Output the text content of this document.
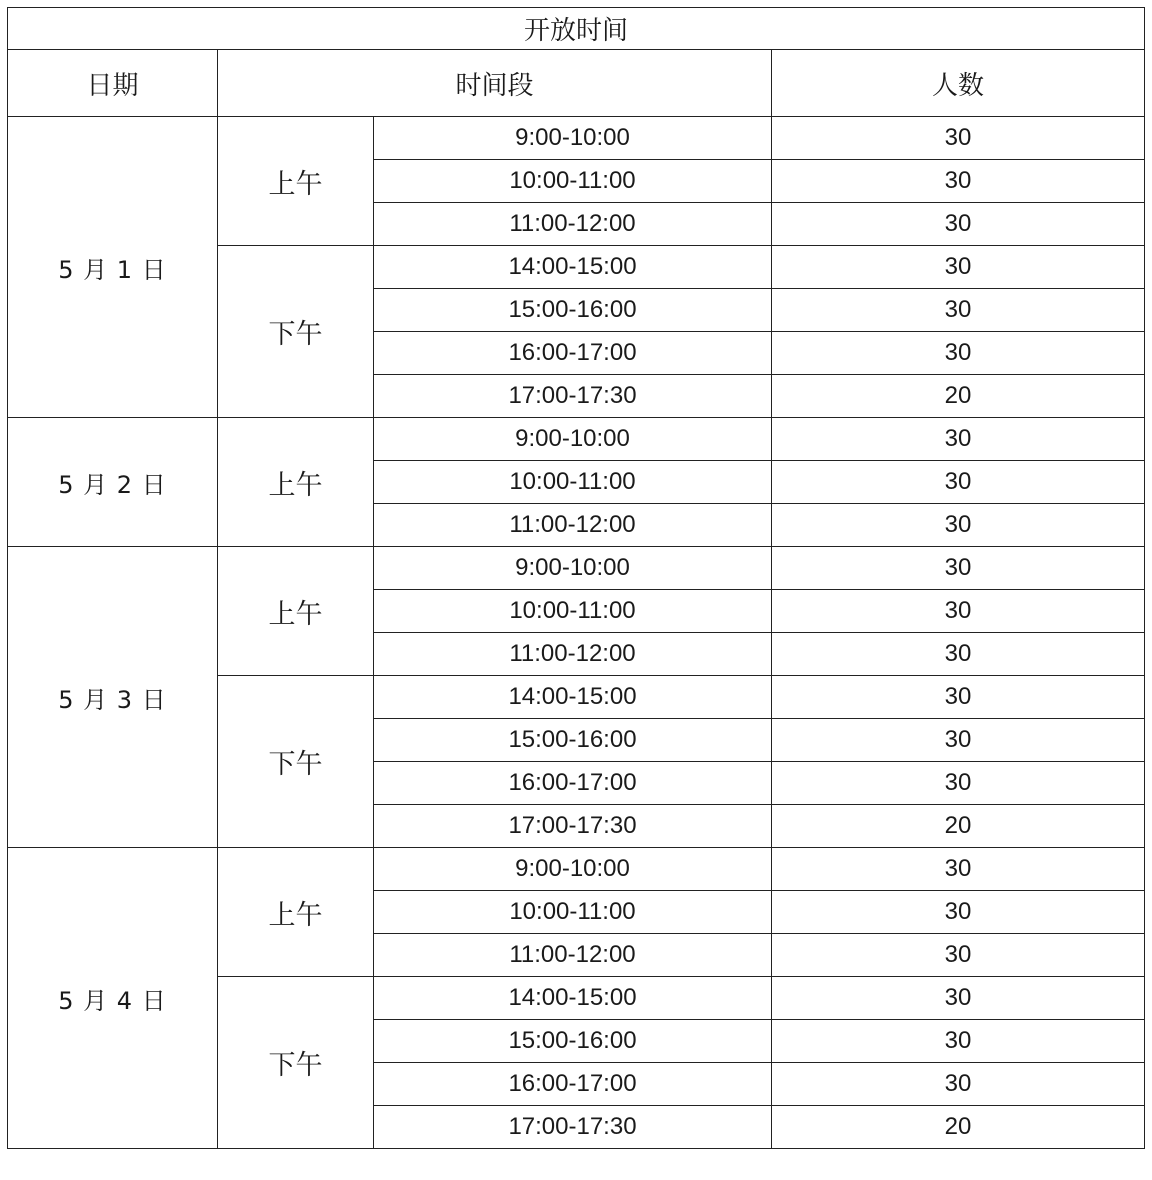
开放时间			
日期	时间段		人数
5 月 1 日	上午	9:00-10:00	30
		10:00-11:00	30
		11:00-12:00	30
	下午	14:00-15:00	30
		15:00-16:00	30
		16:00-17:00	30
		17:00-17:30	20
5 月 2 日	上午	9:00-10:00	30
		10:00-11:00	30
		11:00-12:00	30
5 月 3 日	上午	9:00-10:00	30
		10:00-11:00	30
		11:00-12:00	30
	下午	14:00-15:00	30
		15:00-16:00	30
		16:00-17:00	30
		17:00-17:30	20
5 月 4 日	上午	9:00-10:00	30
		10:00-11:00	30
		11:00-12:00	30
	下午	14:00-15:00	30
		15:00-16:00	30
		16:00-17:00	30
		17:00-17:30	20
